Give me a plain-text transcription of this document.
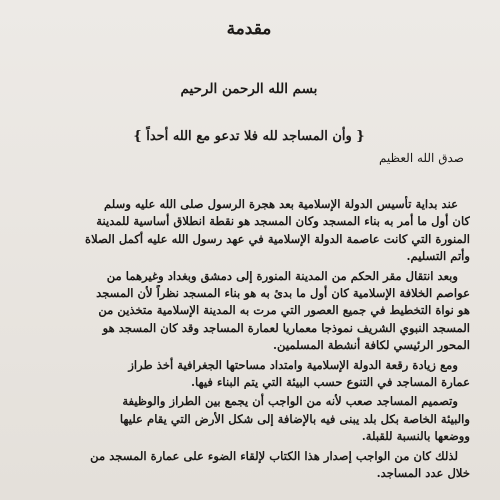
مقدمة
بسم الله الرحمن الرحيم
{ وأن المساجد لله فلا تدعو مع الله أحداً }
صدق الله العظيم
عند بداية تأسيس الدولة الإسلامية بعد هجرة الرسول صلى الله عليه وسلم
كان أول ما أمر به بناء المسجد وكان المسجد هو نقطة انطلاق أساسية للمدينة
المنورة التي كانت عاصمة الدولة الإسلامية في عهد رسول الله عليه أكمل الصلاة
وأتم التسليم.
وبعد انتقال مقر الحكم من المدينة المنورة إلى دمشق وبغداد وغيرهما من
عواصم الخلافة الإسلامية كان أول ما بدئ به هو بناء المسجد نظراً لأن المسجد
هو نواة التخطيط في جميع العصور التي مرت به المدينة الإسلامية متخذين من
المسجد النبوي الشريف نموذجا معماريا لعمارة المساجد وقد كان المسجد هو
المحور الرئيسي لكافة أنشطة المسلمين.
ومع زيادة رقعة الدولة الإسلامية وامتداد مساحتها الجغرافية أخذ طراز
عمارة المساجد في التنوع حسب البيئة التي يتم البناء فيها.
وتصميم المساجد صعب لأنه من الواجب أن يجمع بين الطراز والوظيفة
والبيئة الخاصة بكل بلد يبنى فيه بالإضافة إلى شكل الأرض التي يقام عليها
ووضعها بالنسبة للقبلة.
لذلك كان من الواجب إصدار هذا الكتاب لإلقاء الضوء على عمارة المسجد من
خلال عدد المساجد.
